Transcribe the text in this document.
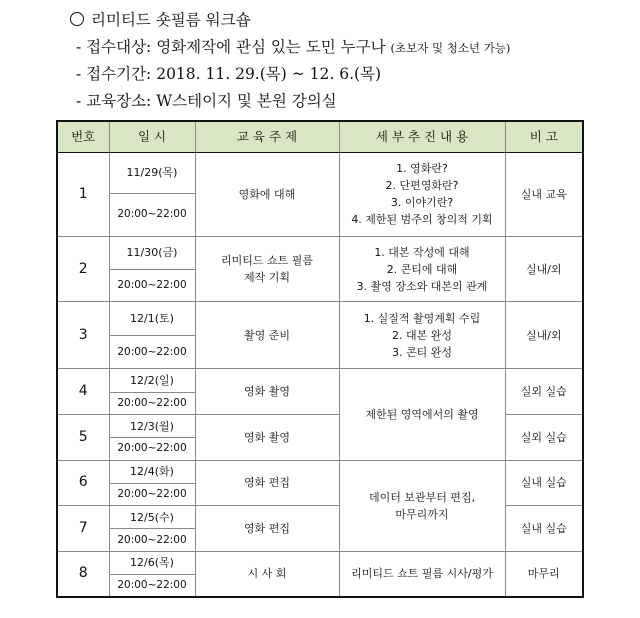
리미티드 숏필름 워크숍
- 접수대상: 영화제작에 관심 있는 도민 누구나 (초보자 및 청소년 가능)
- 접수기간: 2018. 11. 29.(목) ~ 12. 6.(목)
- 교육장소: W스테이지 및 본원 강의실
번호	일 시	교 육 주 제	세 부 추 진 내 용	비 고
1	11/29(목)	영화에 대해	1. 영화란?
2. 단편영화란?
3. 이야기란?
4. 제한된 범주의 창의적 기획	실내 교육
	20:00~22:00			
2	11/30(금)	리미티드 쇼트 필름
제작 기획	1. 대본 작성에 대해
2. 콘티에 대해
3. 촬영 장소와 대본의 관계	실내/외
	20:00~22:00			
3	12/1(토)	촬영 준비	1. 실질적 촬영계획 수립
2. 대본 완성
3. 콘티 완성	실내/외
	20:00~22:00			
4	12/2(일)	영화 촬영	제한된 영역에서의 촬영	실외 실습
	20:00~22:00			
5	12/3(월)	영화 촬영		실외 실습
	20:00~22:00			
6	12/4(화)	영화 편집	데이터 보관부터 편집,
마무리까지	실내 실습
	20:00~22:00			
7	12/5(수)	영화 편집		실내 실습
	20:00~22:00			
8	12/6(목)	시 사 회	리미티드 쇼트 필름 시사/평가	마무리
	20:00~22:00			
